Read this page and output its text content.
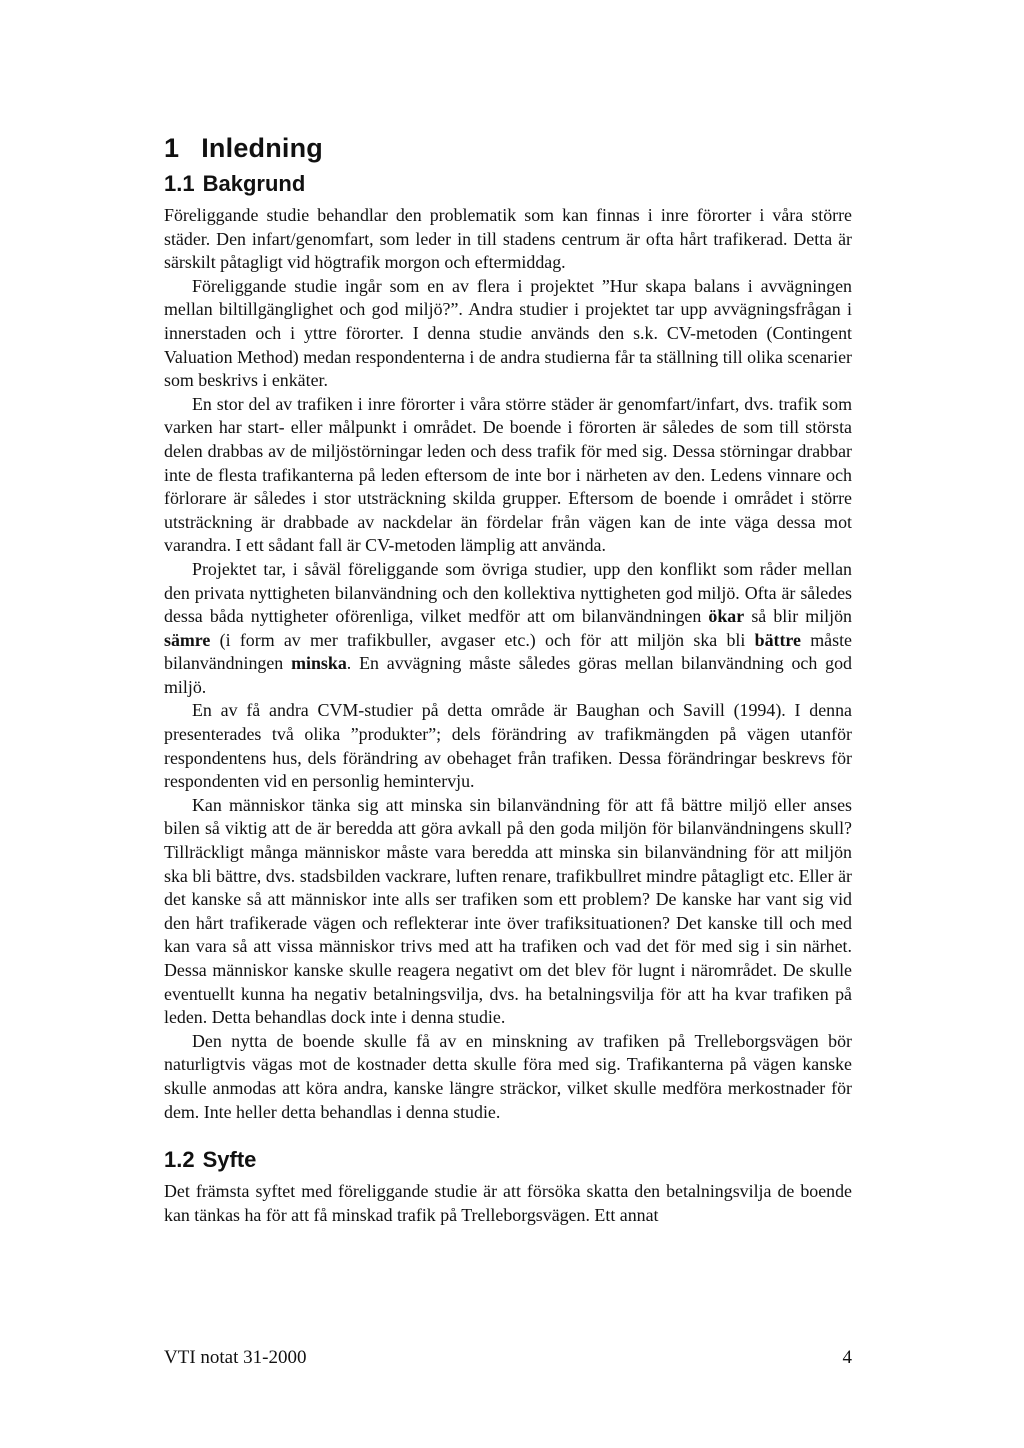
1 Inledning
1.1 Bakgrund

Föreliggande studie behandlar den problematik som kan finnas i inre förorter i våra större städer. Den infart/genomfart, som leder in till stadens centrum är ofta hårt trafikerad. Detta är särskilt påtagligt vid högtrafik morgon och eftermiddag.

Föreliggande studie ingår som en av flera i projektet ”Hur skapa balans i avvägningen mellan biltillgänglighet och god miljö?”. Andra studier i projektet tar upp avvägningsfrågan i innerstaden och i yttre förorter. I denna studie används den s.k. CV-metoden (Contingent Valuation Method) medan respondenterna i de andra studierna får ta ställning till olika scenarier som beskrivs i enkäter.

En stor del av trafiken i inre förorter i våra större städer är genomfart/infart, dvs. trafik som varken har start- eller målpunkt i området. De boende i förorten är således de som till största delen drabbas av de miljöstörningar leden och dess trafik för med sig. Dessa störningar drabbar inte de flesta trafikanterna på leden eftersom de inte bor i närheten av den. Ledens vinnare och förlorare är således i stor utsträckning skilda grupper. Eftersom de boende i området i större utsträckning är drabbade av nackdelar än fördelar från vägen kan de inte väga dessa mot varandra. I ett sådant fall är CV-metoden lämplig att använda.

Projektet tar, i såväl föreliggande som övriga studier, upp den konflikt som råder mellan den privata nyttigheten bilanvändning och den kollektiva nyttigheten god miljö. Ofta är således dessa båda nyttigheter oförenliga, vilket medför att om bilanvändningen ökar så blir miljön sämre (i form av mer trafikbuller, avgaser etc.) och för att miljön ska bli bättre måste bilanvändningen minska. En avvägning måste således göras mellan bilanvändning och god miljö.

En av få andra CVM-studier på detta område är Baughan och Savill (1994). I denna presenterades två olika ”produkter”; dels förändring av trafikmängden på vägen utanför respondentens hus, dels förändring av obehaget från trafiken. Dessa förändringar beskrevs för respondenten vid en personlig hemintervju.

Kan människor tänka sig att minska sin bilanvändning för att få bättre miljö eller anses bilen så viktig att de är beredda att göra avkall på den goda miljön för bilanvändningens skull? Tillräckligt många människor måste vara beredda att minska sin bilanvändning för att miljön ska bli bättre, dvs. stadsbilden vackrare, luften renare, trafikbullret mindre påtagligt etc. Eller är det kanske så att människor inte alls ser trafiken som ett problem? De kanske har vant sig vid den hårt trafikerade vägen och reflekterar inte över trafiksituationen? Det kanske till och med kan vara så att vissa människor trivs med att ha trafiken och vad det för med sig i sin närhet. Dessa människor kanske skulle reagera negativt om det blev för lugnt i närområdet. De skulle eventuellt kunna ha negativ betalningsvilja, dvs. ha betalningsvilja för att ha kvar trafiken på leden. Detta behandlas dock inte i denna studie.

Den nytta de boende skulle få av en minskning av trafiken på Trelleborgsvägen bör naturligtvis vägas mot de kostnader detta skulle föra med sig. Trafikanterna på vägen kanske skulle anmodas att köra andra, kanske längre sträckor, vilket skulle medföra merkostnader för dem. Inte heller detta behandlas i denna studie.

1.2 Syfte

Det främsta syftet med föreliggande studie är att försöka skatta den betalningsvilja de boende kan tänkas ha för att få minskad trafik på Trelleborgsvägen. Ett annat

VTI notat 31-2000	4
